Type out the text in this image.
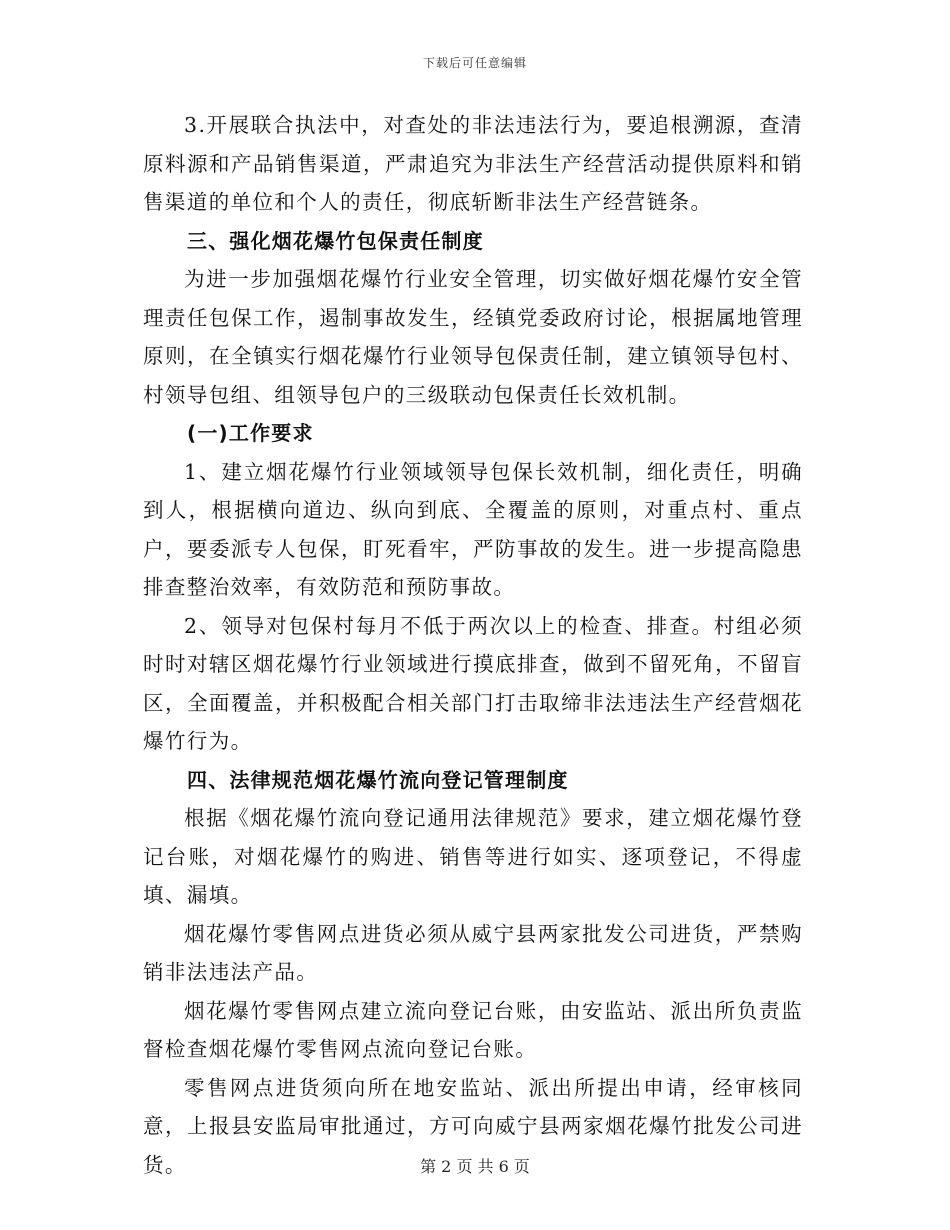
下载后可任意编辑

3.开展联合执法中，对查处的非法违法行为，要追根溯源，查清原料源和产品销售渠道，严肃追究为非法生产经营活动提供原料和销售渠道的单位和个人的责任，彻底斩断非法生产经营链条。

三、强化烟花爆竹包保责任制度

为进一步加强烟花爆竹行业安全管理，切实做好烟花爆竹安全管理责任包保工作，遏制事故发生，经镇党委政府讨论，根据属地管理原则，在全镇实行烟花爆竹行业领导包保责任制，建立镇领导包村、村领导包组、组领导包户的三级联动包保责任长效机制。

(一)工作要求

1、建立烟花爆竹行业领域领导包保长效机制，细化责任，明确到人，根据横向道边、纵向到底、全覆盖的原则，对重点村、重点户，要委派专人包保，盯死看牢，严防事故的发生。进一步提高隐患排查整治效率，有效防范和预防事故。

2、领导对包保村每月不低于两次以上的检查、排查。村组必须时时对辖区烟花爆竹行业领域进行摸底排查，做到不留死角，不留盲区，全面覆盖，并积极配合相关部门打击取缔非法违法生产经营烟花爆竹行为。

四、法律规范烟花爆竹流向登记管理制度

根据《烟花爆竹流向登记通用法律规范》要求，建立烟花爆竹登记台账，对烟花爆竹的购进、销售等进行如实、逐项登记，不得虚填、漏填。

烟花爆竹零售网点进货必须从威宁县两家批发公司进货，严禁购销非法违法产品。

烟花爆竹零售网点建立流向登记台账，由安监站、派出所负责监督检查烟花爆竹零售网点流向登记台账。

零售网点进货须向所在地安监站、派出所提出申请，经审核同意，上报县安监局审批通过，方可向威宁县两家烟花爆竹批发公司进货。	第 2 页 共 6 页
